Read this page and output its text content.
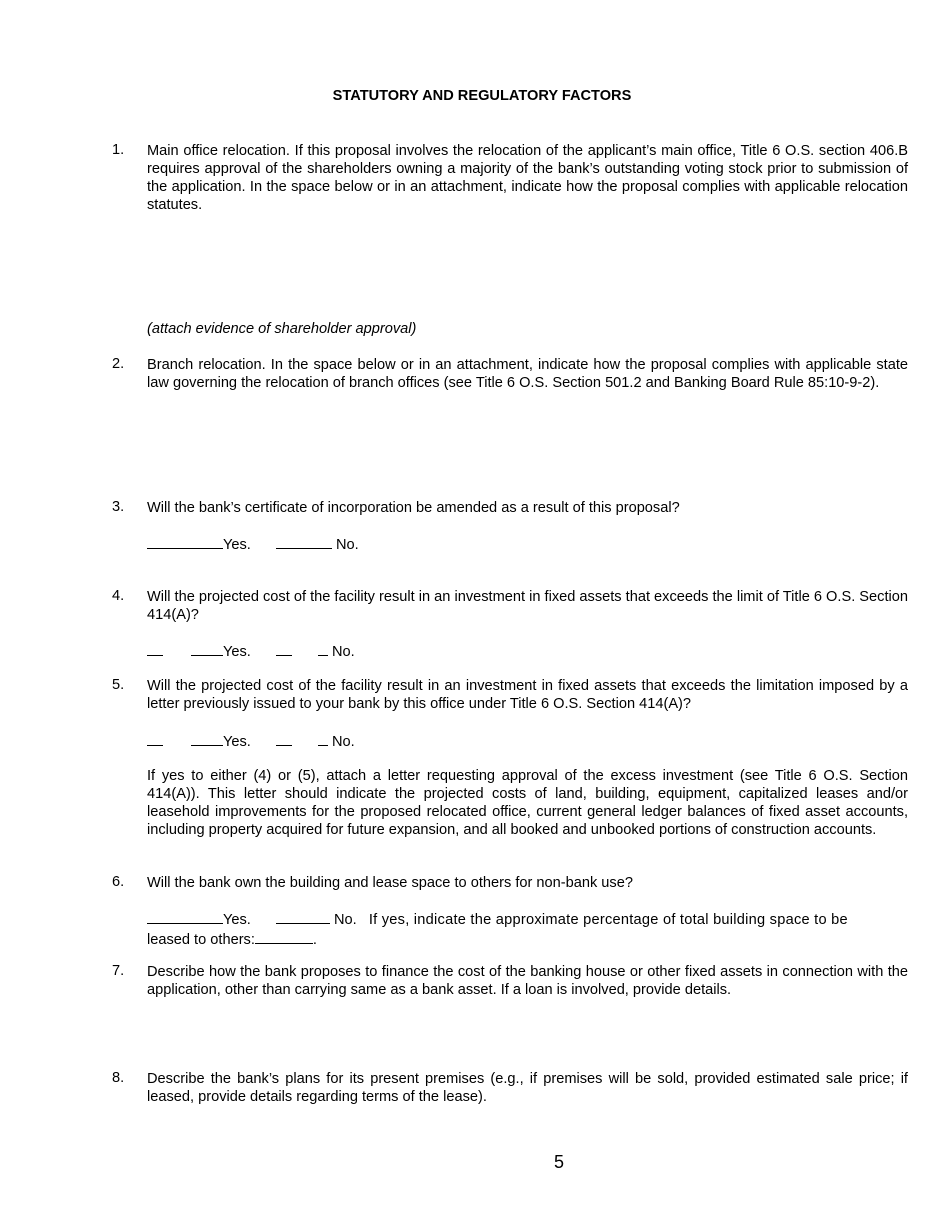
STATUTORY AND REGULATORY FACTORS
1.	Main office relocation. If this proposal involves the relocation of the applicant’s main office, Title 6 O.S. section 406.B requires approval of the shareholders owning a majority of the bank’s outstanding voting stock prior to submission of the application. In the space below or in an attachment, indicate how the proposal complies with applicable relocation statutes.
(attach evidence of shareholder approval)
2.	Branch relocation. In the space below or in an attachment, indicate how the proposal complies with applicable state law governing the relocation of branch offices (see Title 6 O.S. Section 501.2 and Banking Board Rule 85:10-9-2).
3.	Will the bank’s certificate of incorporation be amended as a result of this proposal?
Yes.	No.
4.	Will the projected cost of the facility result in an investment in fixed assets that exceeds the limit of Title 6 O.S. Section 414(A)?
Yes.	No.
5.	Will the projected cost of the facility result in an investment in fixed assets that exceeds the limitation imposed by a letter previously issued to your bank by this office under Title 6 O.S. Section 414(A)?
Yes.	No.
If yes to either (4) or (5), attach a letter requesting approval of the excess investment (see Title 6 O.S. Section 414(A)). This letter should indicate the projected costs of land, building, equipment, capitalized leases and/or leasehold improvements for the proposed relocated office, current general ledger balances of fixed asset accounts, including property acquired for future expansion, and all booked and unbooked portions of construction accounts.
6.	Will the bank own the building and lease space to others for non-bank use?
Yes.	No. If yes, indicate the approximate percentage of total building space to be
leased to others:	.
7.	Describe how the bank proposes to finance the cost of the banking house or other fixed assets in connection with the application, other than carrying same as a bank asset. If a loan is involved, provide details.
8.	Describe the bank’s plans for its present premises (e.g., if premises will be sold, provided estimated sale price; if leased, provide details regarding terms of the lease).
5
